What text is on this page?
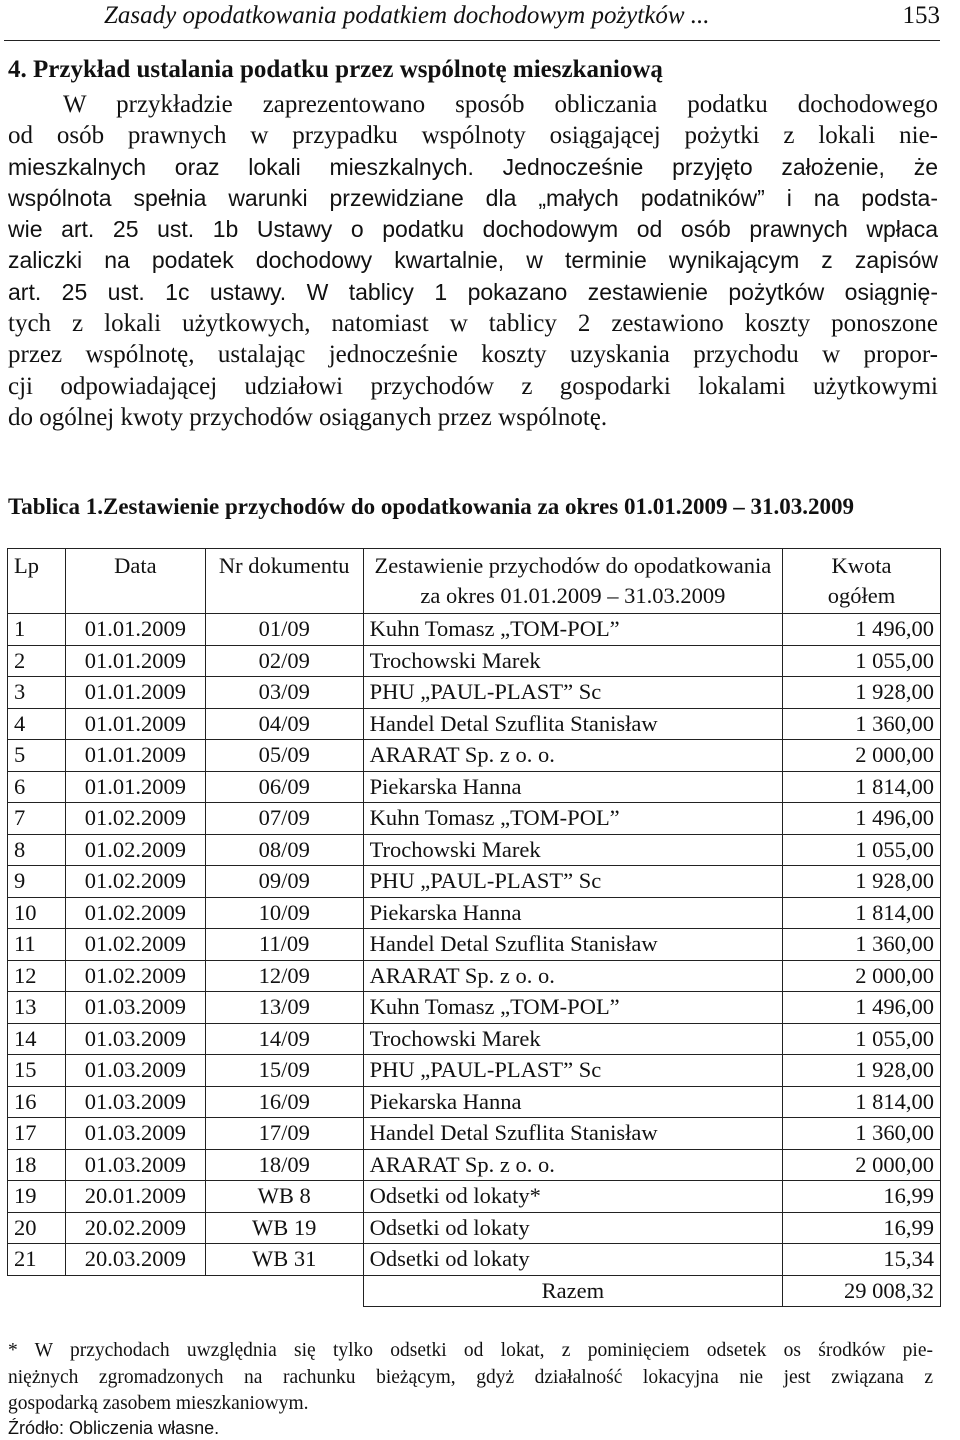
Zasady opodatkowania podatkiem dochodowym pożytków ...	153
4. Przykład ustalania podatku przez wspólnotę mieszkaniową
W przykładzie zaprezentowano sposób obliczania podatku dochodowego
od osób prawnych w przypadku wspólnoty osiągającej pożytki z lokali nie-
mieszkalnych oraz lokali mieszkalnych. Jednocześnie przyjęto założenie, że
wspólnota spełnia warunki przewidziane dla „małych podatników” i na podsta-
wie art. 25 ust. 1b Ustawy o podatku dochodowym od osób prawnych wpłaca
zaliczki na podatek dochodowy kwartalnie, w terminie wynikającym z zapisów
art. 25 ust. 1c ustawy. W tablicy 1 pokazano zestawienie pożytków osiągnię-
tych z lokali użytkowych, natomiast w tablicy 2 zestawiono koszty ponoszone
przez wspólnotę, ustalając jednocześnie koszty uzyskania przychodu w propor-
cji odpowiadającej udziałowi przychodów z gospodarki lokalami użytkowymi
do ogólnej kwoty przychodów osiąganych przez wspólnotę.
Tablica 1.Zestawienie przychodów do opodatkowania za okres 01.01.2009 – 31.03.2009
Lp	Data	Nr dokumentu	Zestawienie przychodów do opodatkowania za okres 01.01.2009 – 31.03.2009	Kwota ogółem
1	01.01.2009	01/09	Kuhn Tomasz „TOM-POL”	1 496,00
2	01.01.2009	02/09	Trochowski Marek	1 055,00
3	01.01.2009	03/09	PHU „PAUL-PLAST” Sc	1 928,00
4	01.01.2009	04/09	Handel Detal Szuflita Stanisław	1 360,00
5	01.01.2009	05/09	ARARAT Sp. z o. o.	2 000,00
6	01.01.2009	06/09	Piekarska Hanna	1 814,00
7	01.02.2009	07/09	Kuhn Tomasz „TOM-POL”	1 496,00
8	01.02.2009	08/09	Trochowski Marek	1 055,00
9	01.02.2009	09/09	PHU „PAUL-PLAST” Sc	1 928,00
10	01.02.2009	10/09	Piekarska Hanna	1 814,00
11	01.02.2009	11/09	Handel Detal Szuflita Stanisław	1 360,00
12	01.02.2009	12/09	ARARAT Sp. z o. o.	2 000,00
13	01.03.2009	13/09	Kuhn Tomasz „TOM-POL”	1 496,00
14	01.03.2009	14/09	Trochowski Marek	1 055,00
15	01.03.2009	15/09	PHU „PAUL-PLAST” Sc	1 928,00
16	01.03.2009	16/09	Piekarska Hanna	1 814,00
17	01.03.2009	17/09	Handel Detal Szuflita Stanisław	1 360,00
18	01.03.2009	18/09	ARARAT Sp. z o. o.	2 000,00
19	20.01.2009	WB 8	Odsetki od lokaty*	16,99
20	20.02.2009	WB 19	Odsetki od lokaty	16,99
21	20.03.2009	WB 31	Odsetki od lokaty	15,34
			Razem	29 008,32
* W przychodach uwzględnia się tylko odsetki od lokat, z pominięciem odsetek os środków pie-
niężnych zgromadzonych na rachunku bieżącym, gdyż działalność lokacyjna nie jest związana z
gospodarką zasobem mieszkaniowym.
Źródło: Obliczenia własne.
